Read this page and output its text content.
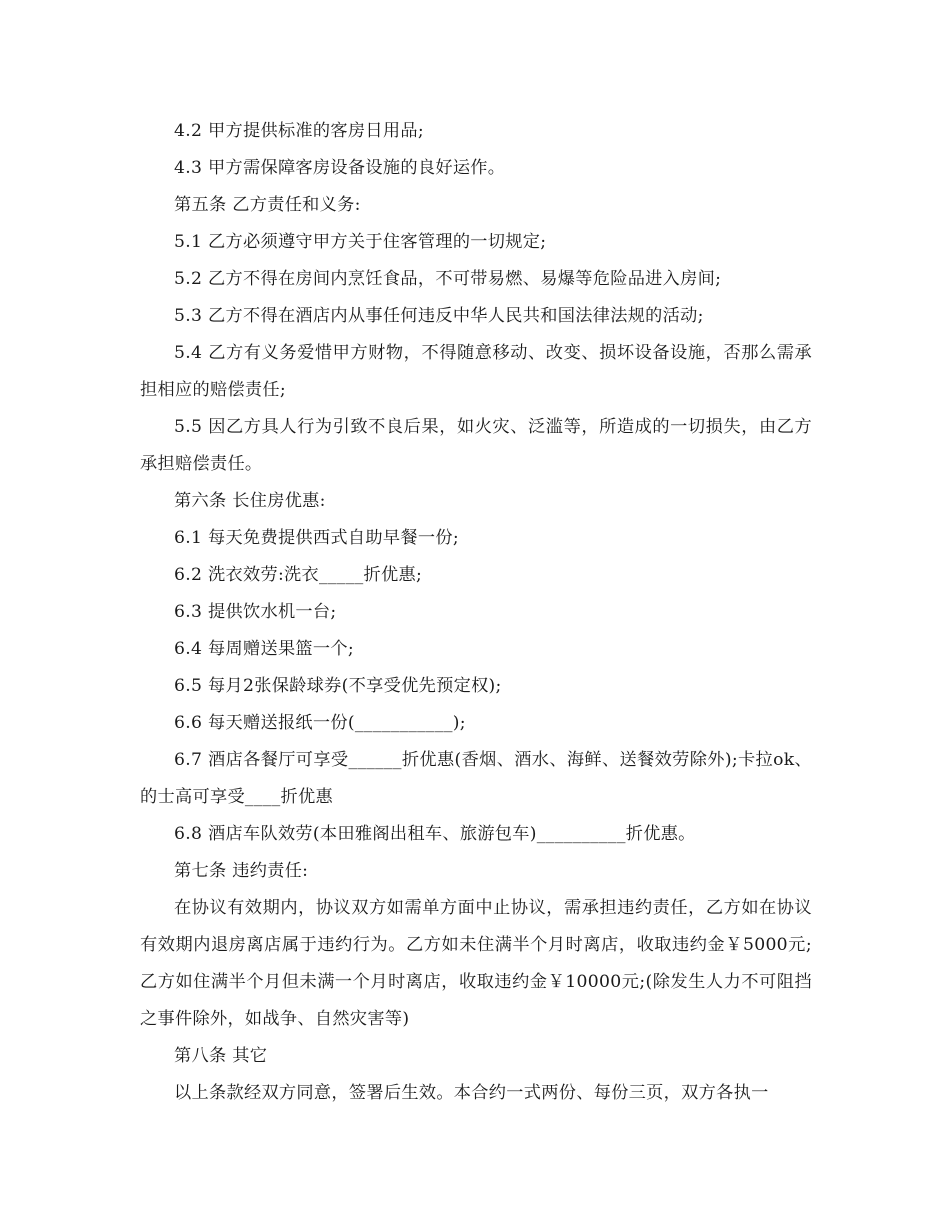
4.2 甲方提供标准的客房日用品;

4.3 甲方需保障客房设备设施的良好运作。

第五条 乙方责任和义务:

5.1 乙方必须遵守甲方关于住客管理的一切规定;

5.2 乙方不得在房间内烹饪食品，不可带易燃、易爆等危险品进入房间;

5.3 乙方不得在酒店内从事任何违反中华人民共和国法律法规的活动;

5.4 乙方有义务爱惜甲方财物，不得随意移动、改变、损坏设备设施，否那么需承担相应的赔偿责任;

5.5 因乙方具人行为引致不良后果，如火灾、泛滥等，所造成的一切损失，由乙方承担赔偿责任。

第六条 长住房优惠:

6.1 每天免费提供西式自助早餐一份;

6.2 洗衣效劳:洗衣_____折优惠;

6.3 提供饮水机一台;

6.4 每周赠送果篮一个;

6.5 每月2张保龄球券(不享受优先预定权);

6.6 每天赠送报纸一份(___________);

6.7 酒店各餐厅可享受______折优惠(香烟、酒水、海鲜、送餐效劳除外);卡拉ok、的士高可享受____折优惠

6.8 酒店车队效劳(本田雅阁出租车、旅游包车)__________折优惠。

第七条 违约责任:

在协议有效期内，协议双方如需单方面中止协议，需承担违约责任，乙方如在协议有效期内退房离店属于违约行为。乙方如未住满半个月时离店，收取违约金￥5000元;乙方如住满半个月但未满一个月时离店，收取违约金￥10000元;(除发生人力不可阻挡之事件除外，如战争、自然灾害等)

第八条 其它

以上条款经双方同意，签署后生效。本合约一式两份、每份三页，双方各执一
